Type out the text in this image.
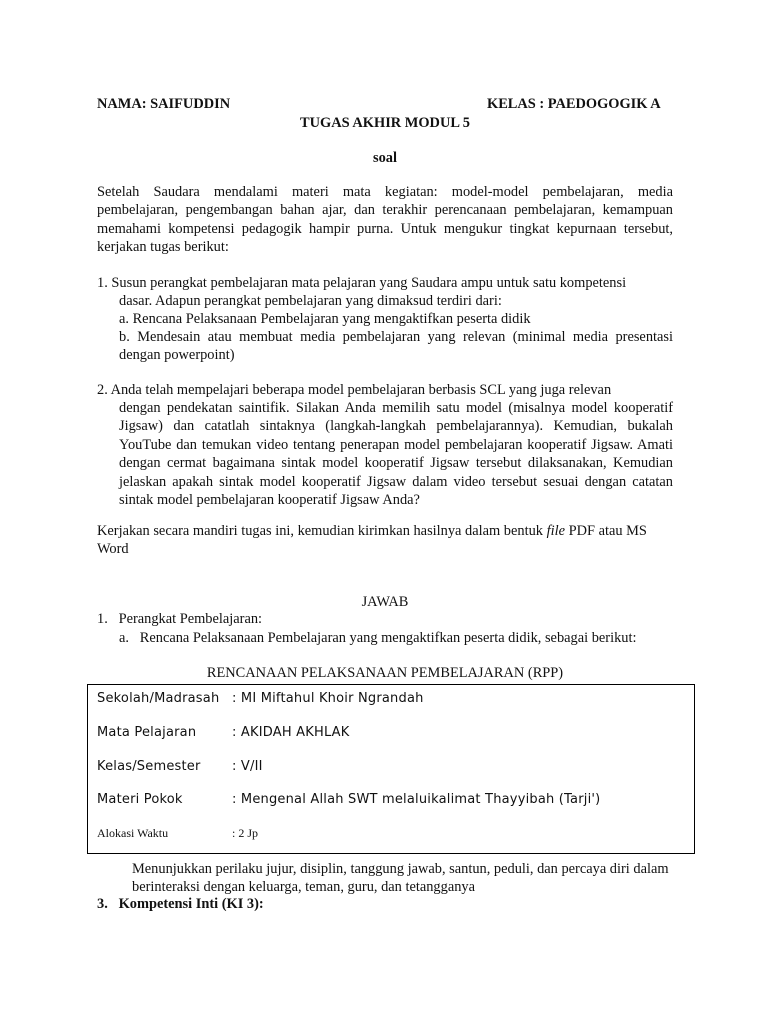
NAMA: SAIFUDDIN	KELAS : PAEDOGOGIK A
TUGAS AKHIR MODUL 5
soal
Setelah Saudara mendalami materi mata kegiatan: model-model pembelajaran, media pembelajaran, pengembangan bahan ajar, dan terakhir perencanaan pembelajaran, kemampuan memahami kompetensi pedagogik hampir purna. Untuk mengukur tingkat kepurnaan tersebut, kerjakan tugas berikut:
1. Susun perangkat pembelajaran mata pelajaran yang Saudara ampu untuk satu kompetensi
dasar. Adapun perangkat pembelajaran yang dimaksud terdiri dari:
a. Rencana Pelaksanaan Pembelajaran yang mengaktifkan peserta didik
b. Mendesain atau membuat media pembelajaran yang relevan (minimal media presentasi dengan powerpoint)
2. Anda telah mempelajari beberapa model pembelajaran berbasis SCL yang juga relevan
dengan pendekatan saintifik. Silakan Anda memilih satu model (misalnya model kooperatif Jigsaw) dan catatlah sintaknya (langkah-langkah pembelajarannya). Kemudian, bukalah YouTube dan temukan video tentang penerapan model pembelajaran kooperatif Jigsaw. Amati dengan cermat bagaimana sintak model kooperatif Jigsaw tersebut dilaksanakan, Kemudian jelaskan apakah sintak model kooperatif Jigsaw dalam video tersebut sesuai dengan catatan sintak model pembelajaran kooperatif Jigsaw Anda?
Kerjakan secara mandiri tugas ini, kemudian kirimkan hasilnya dalam bentuk file PDF atau MS Word
JAWAB
1.   Perangkat Pembelajaran:
a.   Rencana Pelaksanaan Pembelajaran yang mengaktifkan peserta didik, sebagai berikut:
RENCANAAN PELAKSANAAN PEMBELAJARAN (RPP)
Sekolah/Madrasah : MI Miftahul Khoir Ngrandah
Mata Pelajaran	: AKIDAH AKHLAK
Kelas/Semester : V/II
Materi Pokok	: Mengenal Allah SWT melaluikalimat Thayyibah (Tarji')
Alokasi Waktu	: 2 Jp
Menunjukkan perilaku jujur, disiplin, tanggung jawab, santun, peduli, dan percaya diri dalam berinteraksi dengan keluarga, teman, guru, dan tetangganya
3.   Kompetensi Inti (KI 3):
